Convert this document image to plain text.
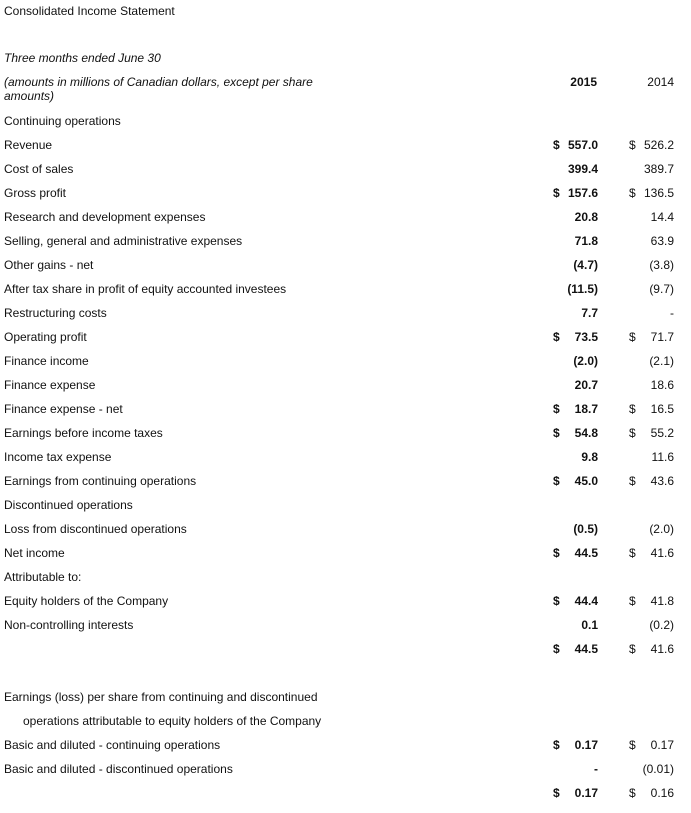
Consolidated Income Statement
Three months ended June 30
(amounts in millions of Canadian dollars, except per share amounts)
2015	2014
Continuing operations
Revenue	$ 557.0	$ 526.2
Cost of sales	399.4	389.7
Gross profit	$ 157.6	$ 136.5
Research and development expenses	20.8	14.4
Selling, general and administrative expenses	71.8	63.9
Other gains - net	(4.7)	(3.8)
After tax share in profit of equity accounted investees	(11.5)	(9.7)
Restructuring costs	7.7	-
Operating profit	$ 73.5	$ 71.7
Finance income	(2.0)	(2.1)
Finance expense	20.7	18.6
Finance expense - net	$ 18.7	$ 16.5
Earnings before income taxes	$ 54.8	$ 55.2
Income tax expense	9.8	11.6
Earnings from continuing operations	$ 45.0	$ 43.6
Discontinued operations
Loss from discontinued operations	(0.5)	(2.0)
Net income	$ 44.5	$ 41.6
Attributable to:
Equity holders of the Company	$ 44.4	$ 41.8
Non-controlling interests	0.1	(0.2)
$ 44.5	$ 41.6
Earnings (loss) per share from continuing and discontinued
operations attributable to equity holders of the Company
Basic and diluted - continuing operations	$ 0.17	$ 0.17
Basic and diluted - discontinued operations	-	(0.01)
$ 0.17	$ 0.16
